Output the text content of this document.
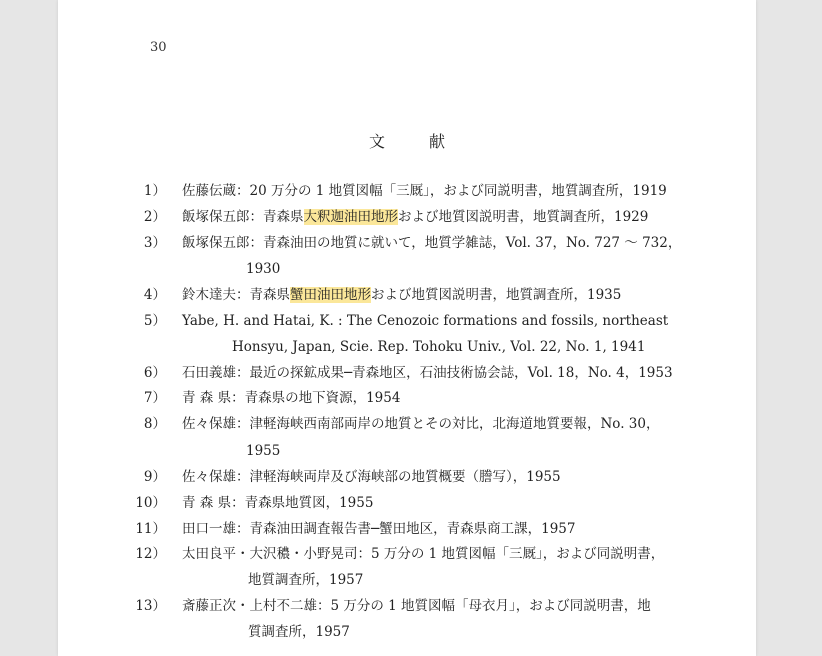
30
文献
1） 佐藤伝蔵：20 万分の 1 地質図幅「三厩」，および同説明書，地質調査所，1919
2） 飯塚保五郎：青森県大釈迦油田地形および地質図説明書，地質調査所，1929
3） 飯塚保五郎：青森油田の地質に就いて，地質学雑誌，Vol. 37，No. 727 ～ 732，
1930
4） 鈴木達夫：青森県蟹田油田地形および地質図説明書，地質調査所，1935
5） Yabe, H. and Hatai, K. : The Cenozoic formations and fossils, northeast
Honsyu, Japan, Scie. Rep. Tohoku Univ., Vol. 22, No. 1, 1941
6） 石田義雄：最近の探鉱成果─青森地区，石油技術協会誌，Vol. 18，No. 4，1953
7） 青 森 県：青森県の地下資源，1954
8） 佐々保雄：津軽海峡西南部両岸の地質とその対比，北海道地質要報，No. 30，
1955
9） 佐々保雄：津軽海峡両岸及び海峡部の地質概要（謄写），1955
10） 青 森 県：青森県地質図，1955
11） 田口一雄：青森油田調査報告書─蟹田地区，青森県商工課，1957
12） 太田良平・大沢穠・小野晃司：5 万分の 1 地質図幅「三厩」，および同説明書，
地質調査所，1957
13） 斎藤正次・上村不二雄：5 万分の 1 地質図幅「母衣月」，および同説明書，地
質調査所，1957
